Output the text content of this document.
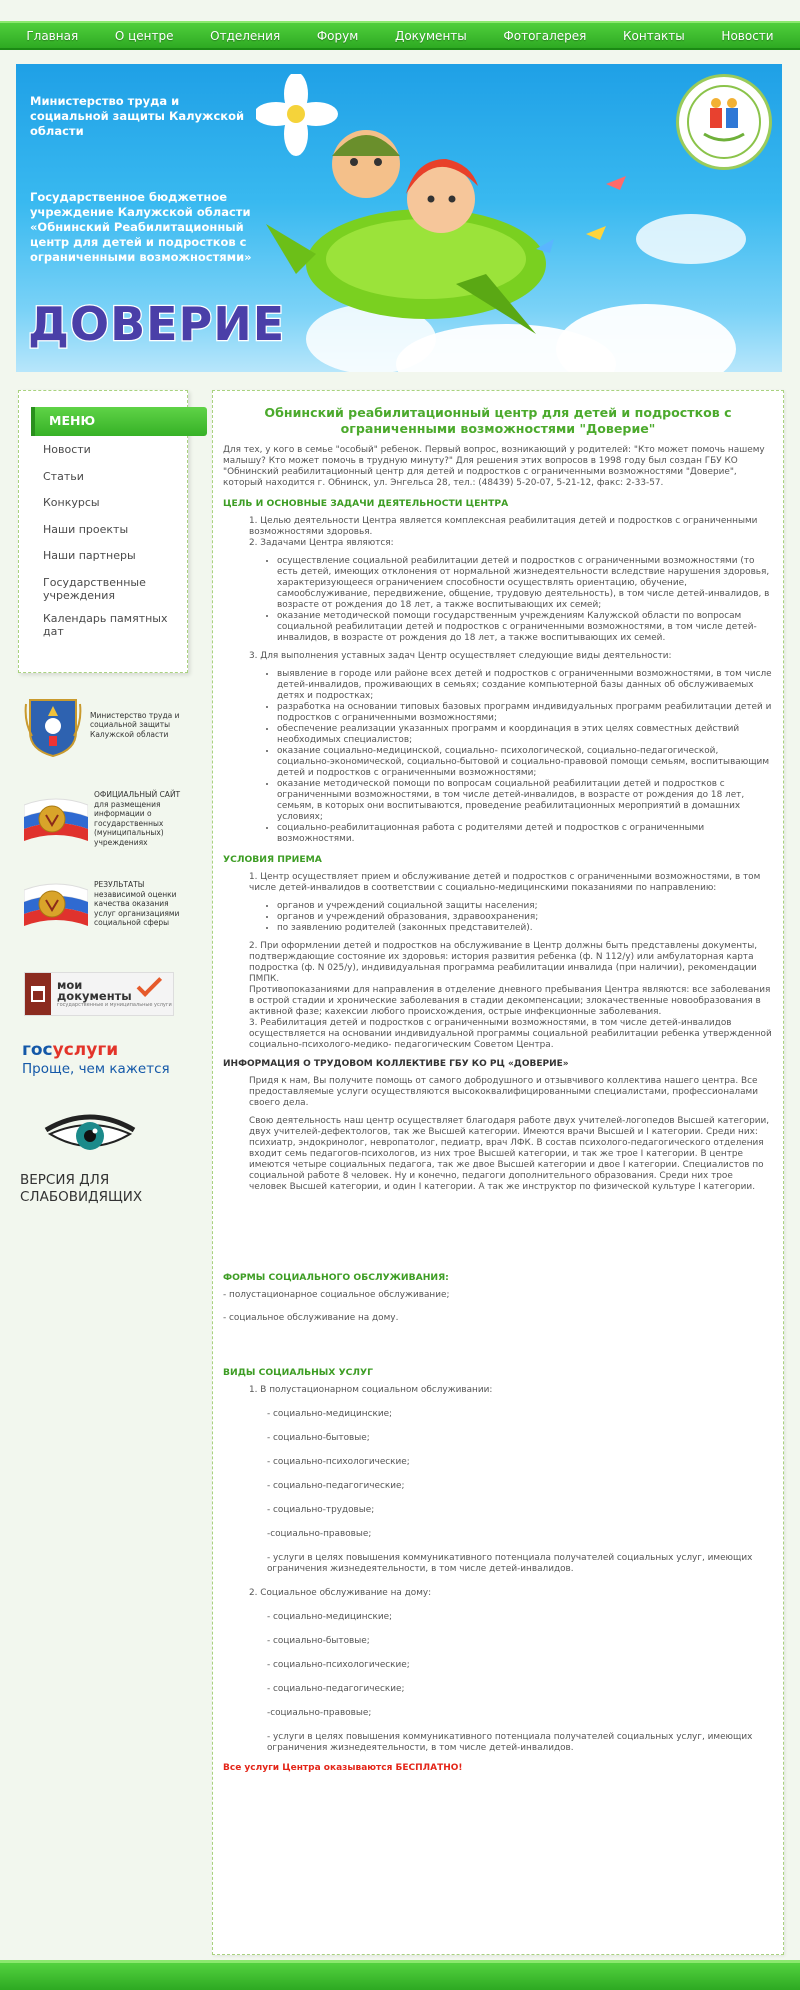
Главная	О центре	Отделения	Форум	Документы	Фотогалерея	Контакты	Новости
Министерство труда и социальной защиты Калужской области
Государственное бюджетное учреждение Калужской области «Обнинский Реабилитационный центр для детей и подростков с ограниченными возможностями»
ДОВЕРИЕ
МЕНЮ
Новости
Статьи
Конкурсы
Наши проекты
Наши партнеры
Государственные учреждения
Календарь памятных дат
Министерство труда и социальной защиты Калужской области
ОФИЦИАЛЬНЫЙ САЙТ для размещения информации о государственных (муниципальных) учреждениях
РЕЗУЛЬТАТЫ независимой оценки качества оказания услуг организациями социальной сферы
мои
документы
государственные и муниципальные услуги
госуслуги
Проще, чем кажется
ВЕРСИЯ ДЛЯ СЛАБОВИДЯЩИХ
Обнинский реабилитационный центр для детей и подростков с ограниченными возможностями "Доверие"
Для тех, у кого в семье "особый" ребенок. Первый вопрос, возникающий у родителей: "Кто может помочь нашему малышу? Кто может помочь в трудную минуту?" Для решения этих вопросов в 1998 году был создан ГБУ КО "Обнинский реабилитационный центр для детей и подростков с ограниченными возможностями "Доверие", который находится г. Обнинск, ул. Энгельса 28, тел.: (48439) 5-20-07, 5-21-12, факс: 2-33-57.
ЦЕЛЬ И ОСНОВНЫЕ ЗАДАЧИ ДЕЯТЕЛЬНОСТИ ЦЕНТРА
1. Целью деятельности Центра является комплексная реабилитация детей и подростков с ограниченными возможностями здоровья.
2. Задачами Центра являются:
• осуществление социальной реабилитации детей и подростков с ограниченными возможностями (то есть детей, имеющих отклонения от нормальной жизнедеятельности вследствие нарушения здоровья, характеризующееся ограничением способности осуществлять ориентацию, обучение, самообслуживание, передвижение, общение, трудовую деятельность), в том числе детей-инвалидов, в возрасте от рождения до 18 лет, а также воспитывающих их семей;
• оказание методической помощи государственным учреждениям Калужской области по вопросам социальной реабилитации детей и подростков с ограниченными возможностями, в том числе детей-инвалидов, в возрасте от рождения до 18 лет, а также воспитывающих их семей.
3. Для выполнения уставных задач Центр осуществляет следующие виды деятельности:
• выявление в городе или районе всех детей и подростков с ограниченными возможностями, в том числе детей-инвалидов, проживающих в семьях; создание компьютерной базы данных об обслуживаемых детях и подростках;
• разработка на основании типовых базовых программ индивидуальных программ реабилитации детей и подростков с ограниченными возможностями;
• обеспечение реализации указанных программ и координация в этих целях совместных действий необходимых специалистов;
• оказание социально-медицинской, социально- психологической, социально-педагогической, социально-экономической, социально-бытовой и социально-правовой помощи семьям, воспитывающим детей и подростков с ограниченными возможностями;
• оказание методической помощи по вопросам социальной реабилитации детей и подростков с ограниченными возможностями, в том числе детей-инвалидов, в возрасте от рождения до 18 лет, семьям, в которых они воспитываются, проведение реабилитационных мероприятий в домашних условиях;
• социально-реабилитационная работа с родителями детей и подростков с ограниченными возможностями.
УСЛОВИЯ ПРИЕМА
1. Центр осуществляет прием и обслуживание детей и подростков с ограниченными возможностями, в том числе детей-инвалидов в соответствии с социально-медицинскими показаниями по направлению:
• органов и учреждений социальной защиты населения;
• органов и учреждений образования, здравоохранения;
• по заявлению родителей (законных представителей).
2. При оформлении детей и подростков на обслуживание в Центр должны быть представлены документы, подтверждающие состояние их здоровья: история развития ребенка (ф. N 112/у) или амбулаторная карта подростка (ф. N 025/у), индивидуальная программа реабилитации инвалида (при наличии), рекомендации ПМПК.
Противопоказаниями для направления в отделение дневного пребывания Центра являются: все заболевания в острой стадии и хронические заболевания в стадии декомпенсации; злокачественные новообразования в активной фазе; кахексии любого происхождения, острые инфекционные заболевания.
3. Реабилитация детей и подростков с ограниченными возможностями, в том числе детей-инвалидов осуществляется на основании индивидуальной программы социальной реабилитации ребенка утвержденной социально-психолого-медико- педагогическим Советом Центра.
ИНФОРМАЦИЯ О ТРУДОВОМ КОЛЛЕКТИВЕ ГБУ КО РЦ «ДОВЕРИЕ»
Придя к нам, Вы получите помощь от самого добродушного и отзывчивого коллектива нашего центра. Все предоставляемые услуги осуществляются высококвалифицированными специалистами, профессионалами своего дела.
Свою деятельность наш центр осуществляет благодаря работе двух учителей-логопедов Высшей категории, двух учителей-дефектологов, так же Высшей категории. Имеются врачи Высшей и I категории. Среди них: психиатр, эндокринолог, невропатолог, педиатр, врач ЛФК. В состав психолого-педагогического отделения входит семь педагогов-психологов, из них трое Высшей категории, и так же трое I категории. В центре имеются четыре социальных педагога, так же двое Высшей категории и двое I категории. Специалистов по социальной работе 8 человек. Ну и конечно, педагоги дополнительного образования. Среди них трое человек Высшей категории, и один I категории. А так же инструктор по физической культуре I категории.
ФОРМЫ СОЦИАЛЬНОГО ОБСЛУЖИВАНИЯ:
- полустационарное социальное обслуживание;
- социальное обслуживание на дому.
ВИДЫ СОЦИАЛЬНЫХ УСЛУГ
1. В полустационарном социальном обслуживании:
- социально-медицинские;
- социально-бытовые;
- социально-психологические;
- социально-педагогические;
- социально-трудовые;
-социально-правовые;
- услуги в целях повышения коммуникативного потенциала получателей социальных услуг, имеющих ограничения жизнедеятельности, в том числе детей-инвалидов.
2. Социальное обслуживание на дому:
- социально-медицинские;
- социально-бытовые;
- социально-психологические;
- социально-педагогические;
-социально-правовые;
- услуги в целях повышения коммуникативного потенциала получателей социальных услуг, имеющих ограничения жизнедеятельности, в том числе детей-инвалидов.
Все услуги Центра оказываются БЕСПЛАТНО!
